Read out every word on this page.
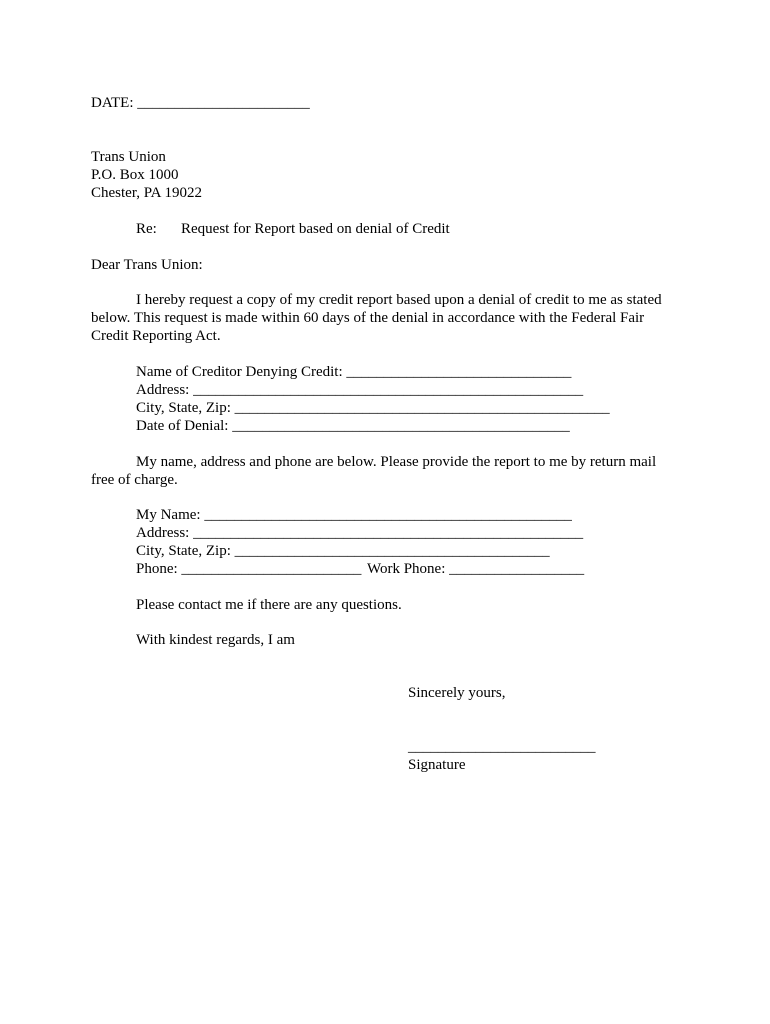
DATE: _______________________

Trans Union

P.O. Box 1000

Chester, PA 19022

Re: Request for Report based on denial of Credit

Dear Trans Union:

I hereby request a copy of my credit report based upon a denial of credit to me as stated below. This request is made within 60 days of the denial in accordance with the Federal Fair Credit Reporting Act.

Name of Creditor Denying Credit: ______________________________

Address: ____________________________________________________

City, State, Zip: __________________________________________________

Date of Denial: _____________________________________________

My name, address and phone are below. Please provide the report to me by return mail free of charge.

My Name: _________________________________________________

Address: ____________________________________________________

City, State, Zip: __________________________________________

Phone: ________________________ Work Phone: __________________

Please contact me if there are any questions.

With kindest regards, I am

Sincerely yours,

_________________________

Signature
